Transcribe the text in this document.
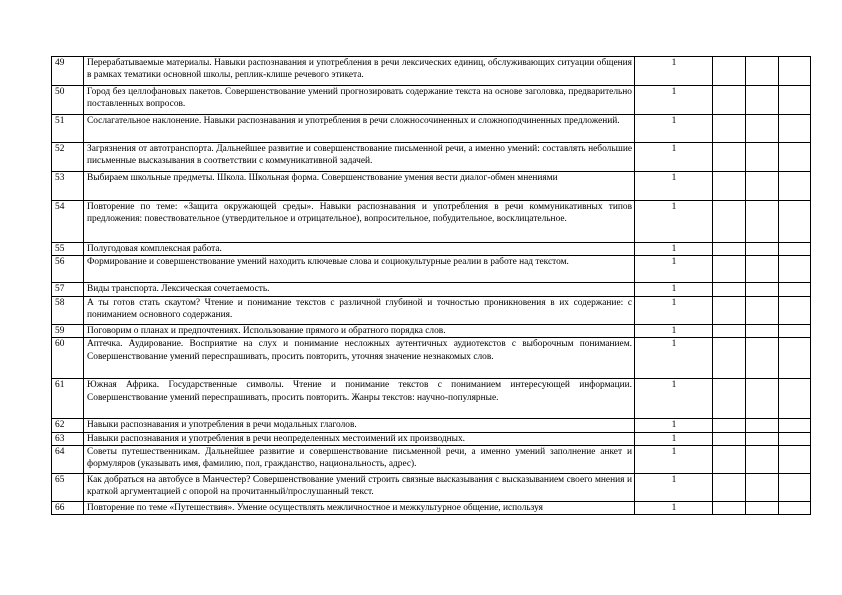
49	Перерабатываемые материалы. Навыки распознавания и употребления в речи лексических единиц, обслуживающих ситуации общения в рамках тематики основной школы, реплик-клише речевого этикета.	1			
50	Город без целлофановых пакетов. Совершенствование умений прогнозировать содержание текста на основе заголовка, предварительно поставленных вопросов.	1			
51	Сослагательное наклонение. Навыки распознавания и употребления в речи сложносочиненных и сложноподчиненных предложений.	1			
52	Загрязнения от автотранспорта. Дальнейшее развитие и совершенствование письменной речи, а именно умений: составлять небольшие письменные высказывания в соответствии с коммуникативной задачей.	1			
53	Выбираем школьные предметы. Школа. Школьная форма. Совершенствование умения вести диалог-обмен мнениями	1			
54	Повторение по теме: «Защита окружающей среды». Навыки распознавания и употребления в речи коммуникативных типов предложения: повествовательное (утвердительное и отрицательное), вопросительное, побудительное, восклицательное.	1			
55	Полугодовая комплексная работа.	1			
56	Формирование и совершенствование умений находить ключевые слова и социокультурные реалии в работе над текстом.	1			
57	Виды транспорта. Лексическая сочетаемость.	1			
58	А ты готов стать скаутом? Чтение и понимание текстов с различной глубиной и точностью проникновения в их содержание: с пониманием основного содержания.	1			
59	Поговорим о планах и предпочтениях. Использование прямого и обратного порядка слов.	1			
60	Аптечка. Аудирование. Восприятие на слух и понимание несложных аутентичных аудиотекстов с выборочным пониманием. Совершенствование умений переспрашивать, просить повторить, уточняя значение незнакомых слов.	1			
61	Южная Африка. Государственные символы. Чтение и понимание текстов с пониманием интересующей информации. Совершенствование умений переспрашивать, просить повторить. Жанры текстов: научно-популярные.	1			
62	Навыки распознавания и употребления в речи модальных глаголов.	1			
63	Навыки распознавания и употребления в речи неопределенных местоимений их производных.	1			
64	Советы путешественникам. Дальнейшее развитие и совершенствование письменной речи, а именно умений заполнение анкет и формуляров (указывать имя, фамилию, пол, гражданство, национальность, адрес).	1			
65	Как добраться на автобусе в Манчестер? Совершенствование умений строить связные высказывания с высказыванием своего мнения и краткой аргументацией с опорой на прочитанный/прослушанный текст.	1			
66	Повторение по теме «Путешествия». Умение осуществлять межличностное и межкультурное общение, используя	1			
